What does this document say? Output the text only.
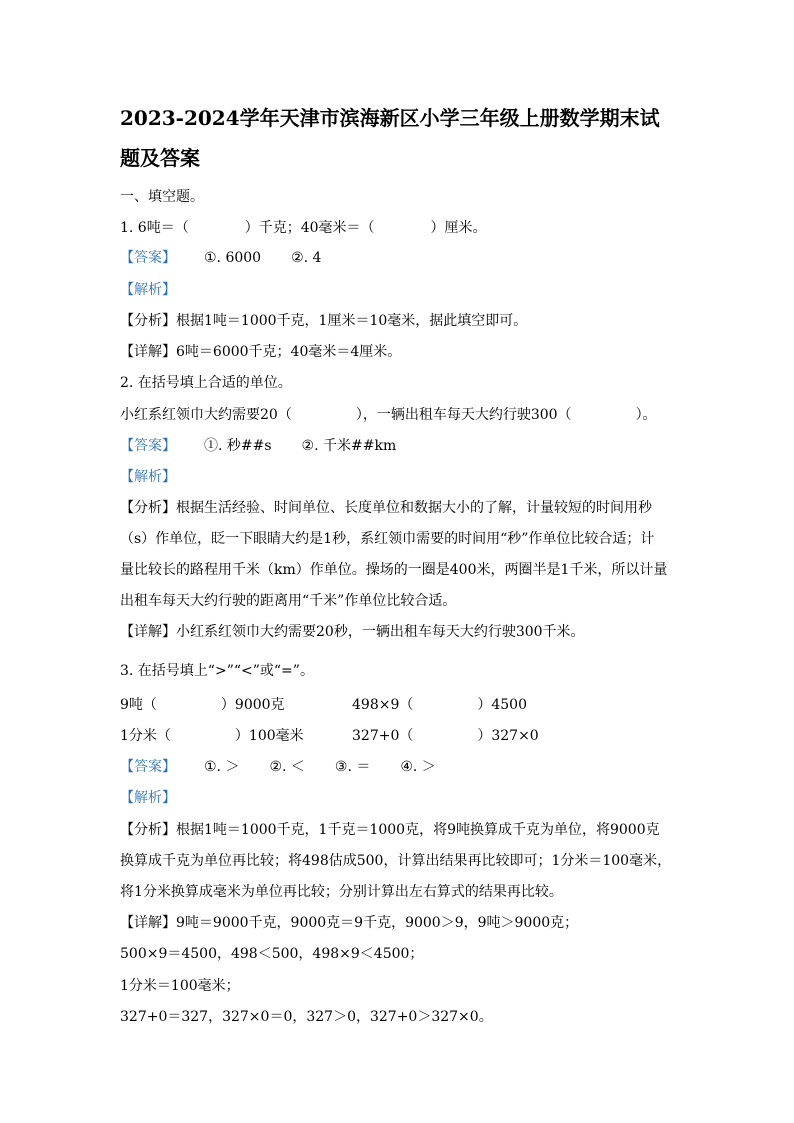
2023-2024学年天津市滨海新区小学三年级上册数学期末试
题及答案
一、填空题。
1. 6吨＝（	）千克；40毫米＝（	）厘米。
【答案】 ①. 6000 ②. 4
【解析】
【分析】根据1吨＝1000千克，1厘米＝10毫米，据此填空即可。
【详解】6吨＝6000千克；40毫米＝4厘米。
2. 在括号填上合适的单位。
小红系红领巾大约需要20（	），一辆出租车每天大约行驶300（	）。
【答案】 ①. 秒##s ②. 千米##km
【解析】
【分析】根据生活经验、时间单位、长度单位和数据大小的了解，计量较短的时间用秒
（s）作单位，眨一下眼睛大约是1秒，系红领巾需要的时间用“秒”作单位比较合适；计
量比较长的路程用千米（km）作单位。操场的一圈是400米，两圈半是1千米，所以计量
出租车每天大约行驶的距离用“千米”作单位比较合适。
【详解】小红系红领巾大约需要20秒，一辆出租车每天大约行驶300千米。
3. 在括号填上“>”“<”或“=”。
9吨（	）9000克	498×9（	）4500
1分米（	）100毫米	327+0（	）327×0
【答案】 ①. ＞ ②. ＜ ③. ＝ ④. ＞
【解析】
【分析】根据1吨＝1000千克，1千克＝1000克，将9吨换算成千克为单位，将9000克
换算成千克为单位再比较；将498估成500，计算出结果再比较即可；1分米＝100毫米，
将1分米换算成毫米为单位再比较；分别计算出左右算式的结果再比较。
【详解】9吨＝9000千克，9000克＝9千克，9000＞9，9吨＞9000克；
500×9＝4500，498＜500，498×9＜4500；
1分米＝100毫米；
327+0＝327，327×0＝0，327＞0，327+0＞327×0。
